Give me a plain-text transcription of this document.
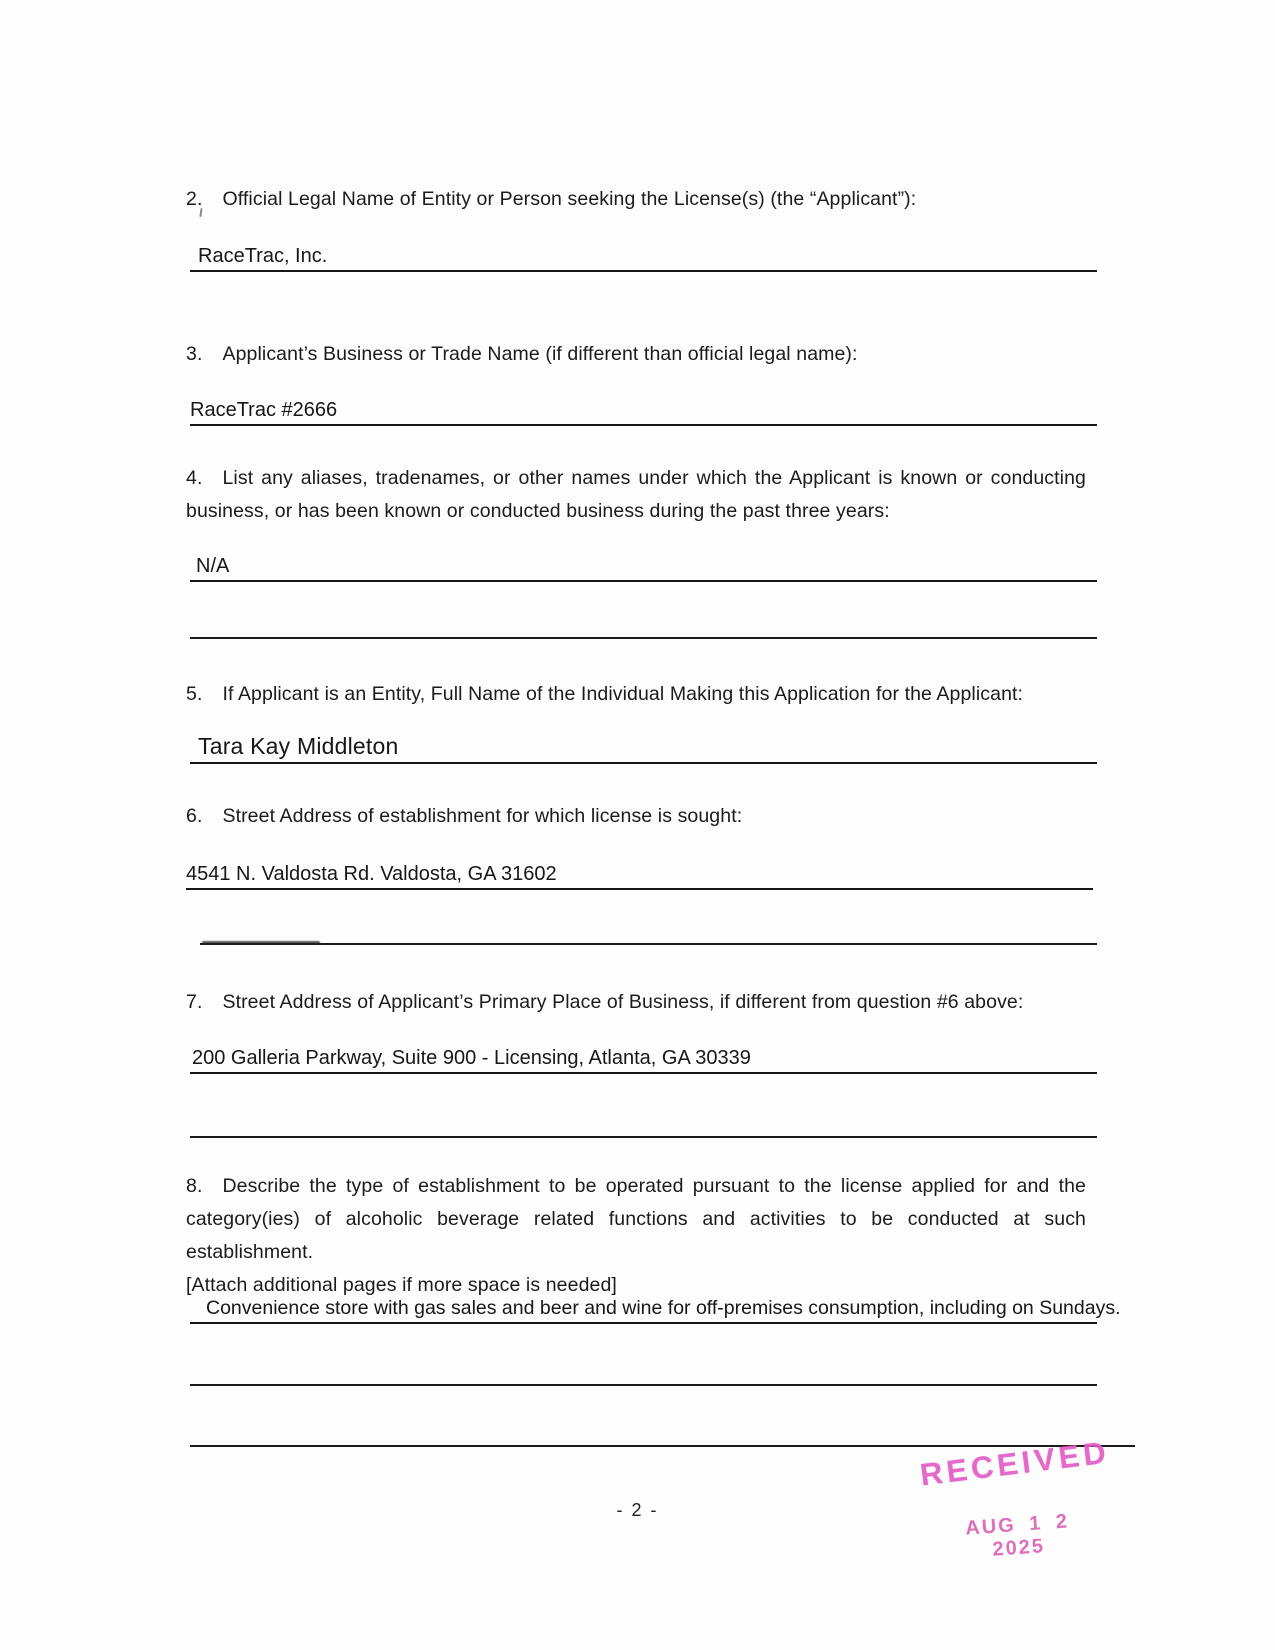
2. Official Legal Name of Entity or Person seeking the License(s) (the “Applicant”):
RaceTrac, Inc.
3. Applicant’s Business or Trade Name (if different than official legal name):
RaceTrac #2666
4. List any aliases, tradenames, or other names under which the Applicant is known or conducting business, or has been known or conducted business during the past three years:
N/A
5. If Applicant is an Entity, Full Name of the Individual Making this Application for the Applicant:
Tara Kay Middleton
6. Street Address of establishment for which license is sought:
4541 N. Valdosta Rd. Valdosta, GA 31602
7. Street Address of Applicant’s Primary Place of Business, if different from question #6 above:
200 Galleria Parkway, Suite 900 - Licensing, Atlanta, GA 30339
8. Describe the type of establishment to be operated pursuant to the license applied for and the category(ies) of alcoholic beverage related functions and activities to be conducted at such establishment.
[Attach additional pages if more space is needed]
Convenience store with gas sales and beer and wine for off-premises consumption, including on Sundays.
- 2 -
RECEIVED
AUG 1 2 2025
